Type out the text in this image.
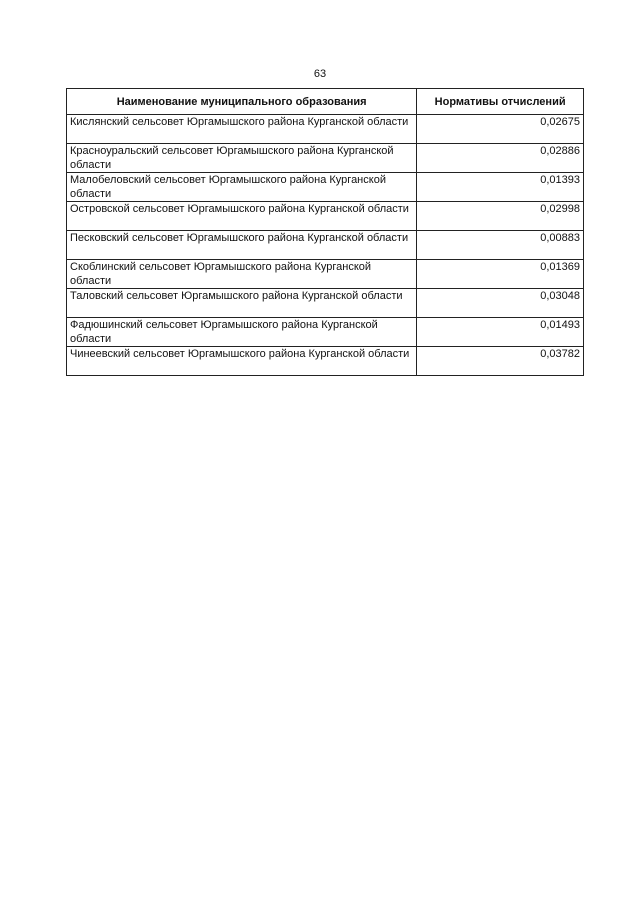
63
Наименование муниципального образования	Нормативы отчислений
Кислянский сельсовет Юргамышского района Курганской области	0,02675
Красноуральский сельсовет Юргамышского района Курганской области	0,02886
Малобеловский сельсовет Юргамышского района Курганской области	0,01393
Островской сельсовет Юргамышского района Курганской области	0,02998
Песковский сельсовет Юргамышского района Курганской области	0,00883
Скоблинский сельсовет Юргамышского района Курганской области	0,01369
Таловский сельсовет Юргамышского района Курганской области	0,03048
Фадюшинский сельсовет Юргамышского района Курганской области	0,01493
Чинеевский сельсовет Юргамышского района Курганской области	0,03782
